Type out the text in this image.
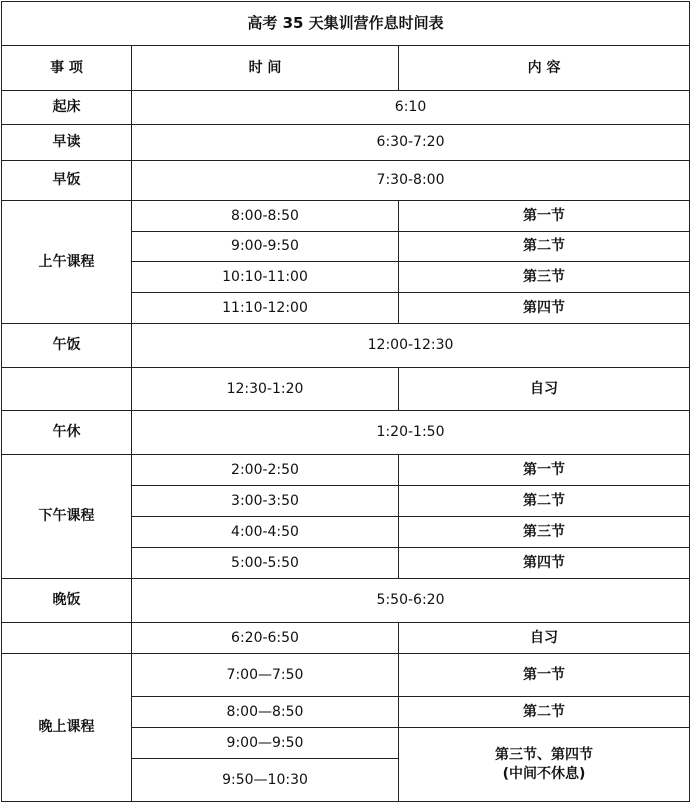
高考 35 天集训营作息时间表		
事 项	时 间	内 容
起床	6:10	
早读	6:30-7:20	
早饭	7:30-8:00	
上午课程	8:00-8:50	第一节
	9:00-9:50	第二节
	10:10-11:00	第三节
	11:10-12:00	第四节
午饭	12:00-12:30	
	12:30-1:20	自习
午休	1:20-1:50	
下午课程	2:00-2:50	第一节
	3:00-3:50	第二节
	4:00-4:50	第三节
	5:00-5:50	第四节
晚饭	5:50-6:20	
	6:20-6:50	自习
晚上课程	7:00—7:50	第一节
	8:00—8:50	第二节
	9:00—9:50	第三节、第四节
(中间不休息)

	9:50—10:30	
